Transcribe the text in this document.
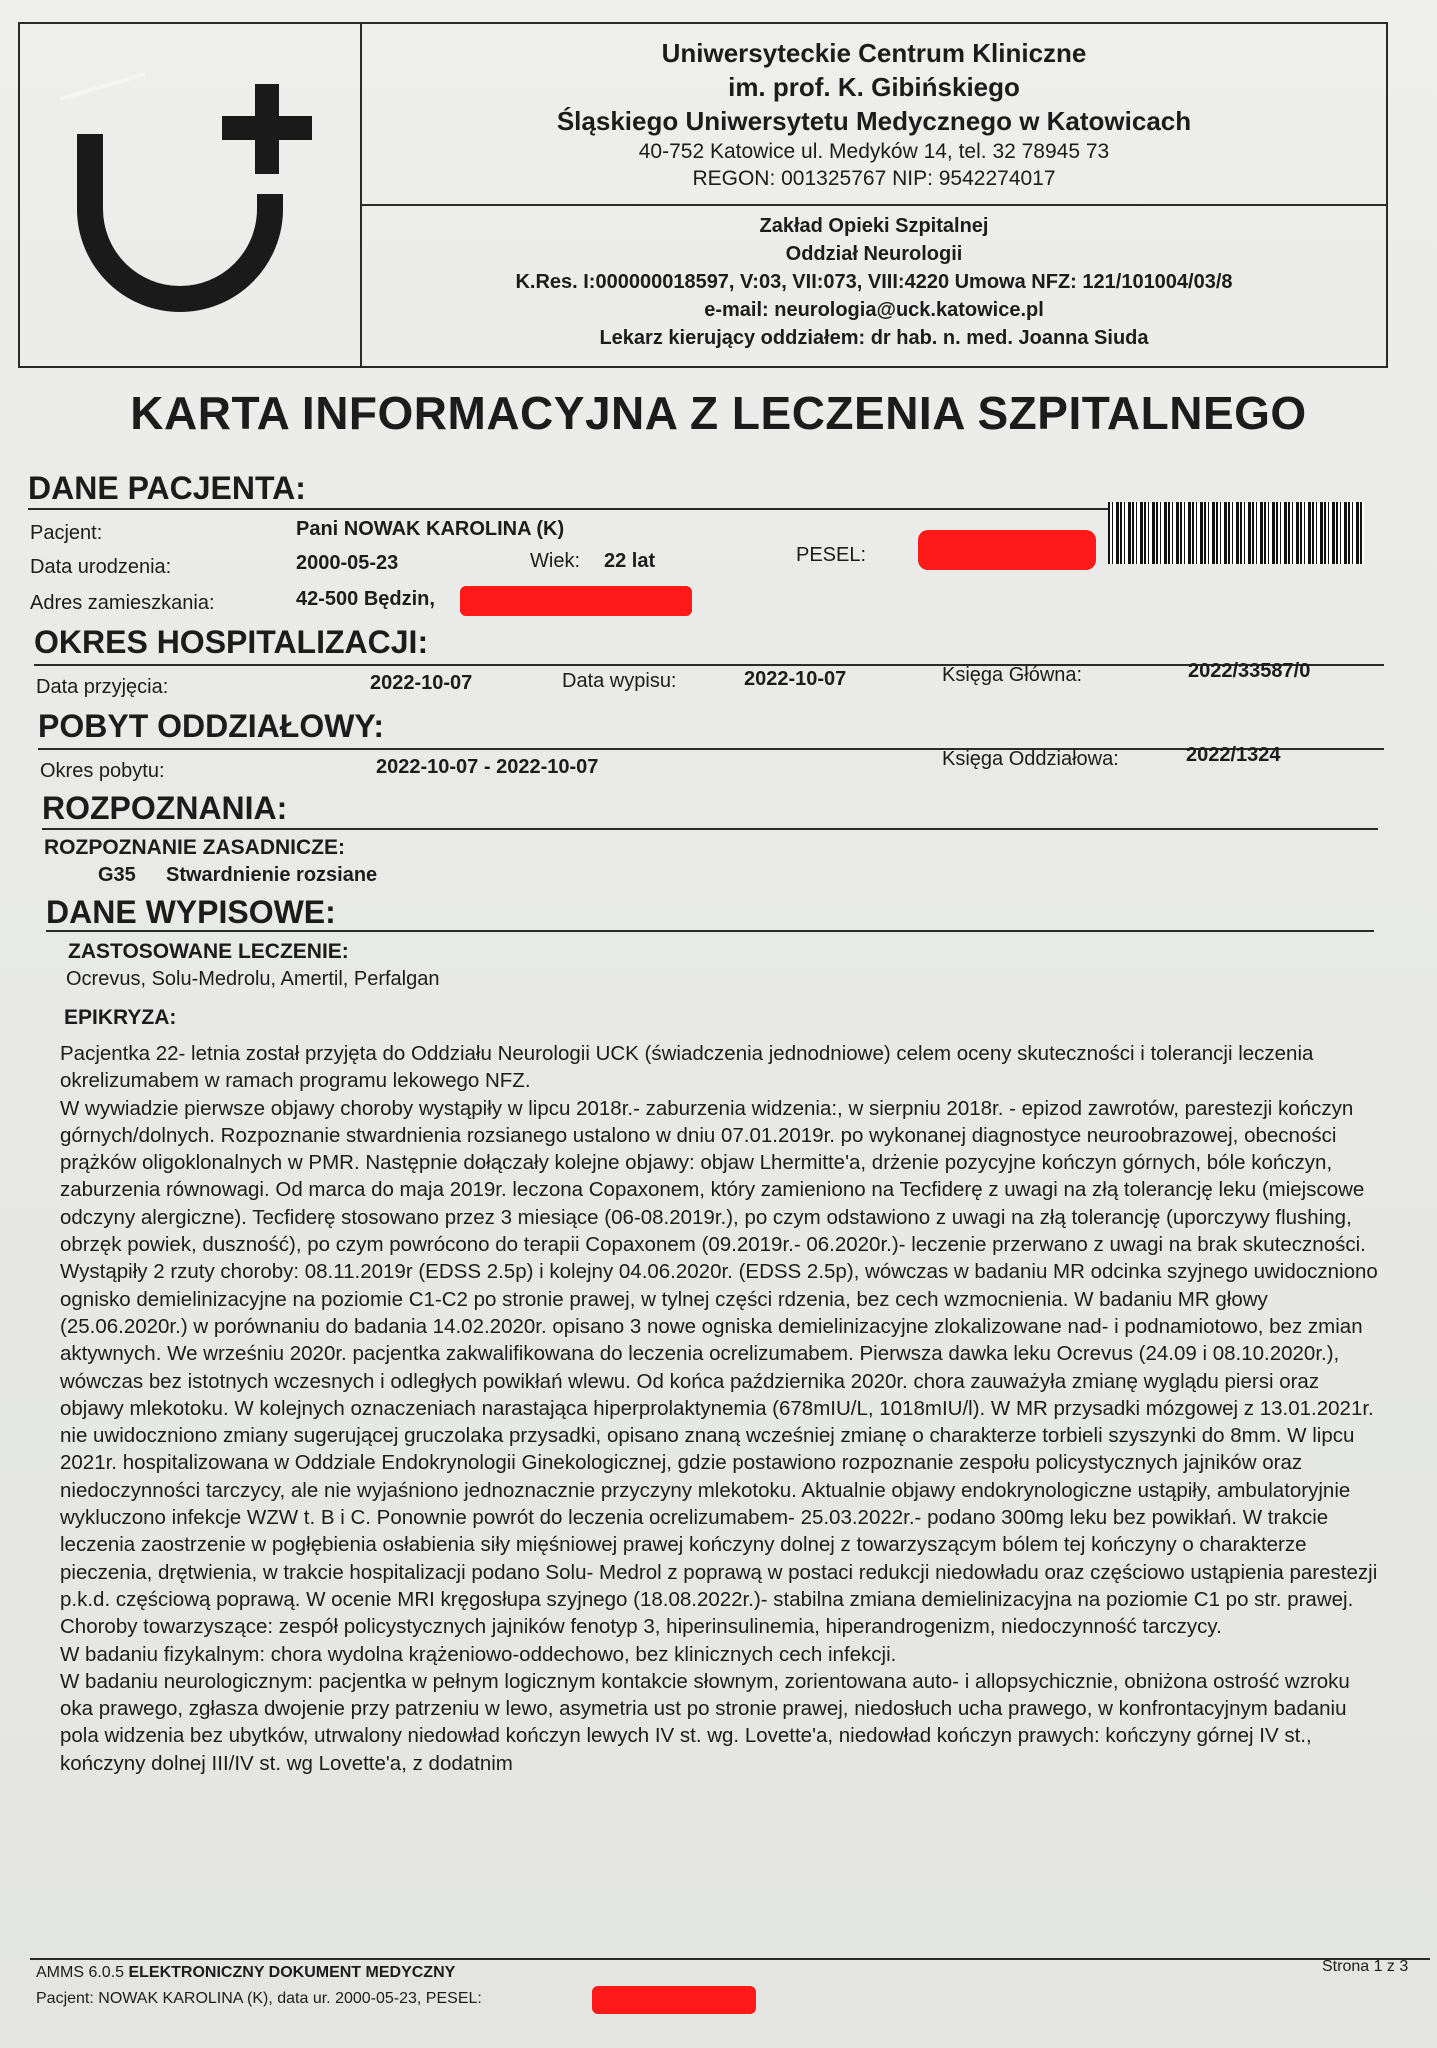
Uniwersyteckie Centrum Kliniczne
im. prof. K. Gibińskiego
Śląskiego Uniwersytetu Medycznego w Katowicach
40-752 Katowice ul. Medyków 14, tel. 32 78945 73
REGON: 001325767 NIP: 9542274017
Zakład Opieki Szpitalnej
Oddział Neurologii
K.Res. I:000000018597, V:03, VII:073, VIII:4220 Umowa NFZ: 121/101004/03/8
e-mail: neurologia@uck.katowice.pl
Lekarz kierujący oddziałem: dr hab. n. med. Joanna Siuda
KARTA INFORMACYJNA Z LECZENIA SZPITALNEGO
DANE PACJENTA:
Pacjent:	Pani NOWAK KAROLINA (K)
Data urodzenia:	2000-05-23	Wiek: 22 lat	PESEL:
Adres zamieszkania:	42-500 Będzin,
OKRES HOSPITALIZACJI:
Data przyjęcia:	2022-10-07	Data wypisu:	2022-10-07	Księga Główna:	2022/33587/0
POBYT ODDZIAŁOWY:
Okres pobytu:	2022-10-07 - 2022-10-07	Księga Oddziałowa:	2022/1324
ROZPOZNANIA:
ROZPOZNANIE ZASADNICZE:
G35 Stwardnienie rozsiane
DANE WYPISOWE:
ZASTOSOWANE LECZENIE:
Ocrevus, Solu-Medrolu, Amertil, Perfalgan
EPIKRYZA:

Pacjentka 22- letnia został przyjęta do Oddziału Neurologii UCK (świadczenia jednodniowe) celem oceny skuteczności i tolerancji leczenia okrelizumabem w ramach programu lekowego NFZ.

W wywiadzie pierwsze objawy choroby wystąpiły w lipcu 2018r.- zaburzenia widzenia:, w sierpniu 2018r. - epizod zawrotów, parestezji kończyn górnych/dolnych. Rozpoznanie stwardnienia rozsianego ustalono w dniu 07.01.2019r. po wykonanej diagnostyce neuroobrazowej, obecności prążków oligoklonalnych w PMR. Następnie dołączały kolejne objawy: objaw Lhermitte'a, drżenie pozycyjne kończyn górnych, bóle kończyn, zaburzenia równowagi. Od marca do maja 2019r. leczona Copaxonem, który zamieniono na Tecfiderę z uwagi na złą tolerancję leku (miejscowe odczyny alergiczne). Tecfiderę stosowano przez 3 miesiące (06-08.2019r.), po czym odstawiono z uwagi na złą tolerancję (uporczywy flushing, obrzęk powiek, duszność), po czym powrócono do terapii Copaxonem (09.2019r.- 06.2020r.)- leczenie przerwano z uwagi na brak skuteczności. Wystąpiły 2 rzuty choroby: 08.11.2019r (EDSS 2.5p) i kolejny 04.06.2020r. (EDSS 2.5p), wówczas w badaniu MR odcinka szyjnego uwidoczniono ognisko demielinizacyjne na poziomie C1-C2 po stronie prawej, w tylnej części rdzenia, bez cech wzmocnienia. W badaniu MR głowy (25.06.2020r.) w porównaniu do badania 14.02.2020r. opisano 3 nowe ogniska demielinizacyjne zlokalizowane nad- i podnamiotowo, bez zmian aktywnych. We wrześniu 2020r. pacjentka zakwalifikowana do leczenia ocrelizumabem. Pierwsza dawka leku Ocrevus (24.09 i 08.10.2020r.), wówczas bez istotnych wczesnych i odległych powikłań wlewu. Od końca października 2020r. chora zauważyła zmianę wyglądu piersi oraz objawy mlekotoku. W kolejnych oznaczeniach narastająca hiperprolaktynemia (678mIU/L, 1018mIU/l). W MR przysadki mózgowej z 13.01.2021r. nie uwidoczniono zmiany sugerującej gruczolaka przysadki, opisano znaną wcześniej zmianę o charakterze torbieli szyszynki do 8mm. W lipcu 2021r. hospitalizowana w Oddziale Endokrynologii Ginekologicznej, gdzie postawiono rozpoznanie zespołu policystycznych jajników oraz niedoczynności tarczycy, ale nie wyjaśniono jednoznacznie przyczyny mlekotoku. Aktualnie objawy endokrynologiczne ustąpiły, ambulatoryjnie wykluczono infekcje WZW t. B i C. Ponownie powrót do leczenia ocrelizumabem- 25.03.2022r.- podano 300mg leku bez powikłań. W trakcie leczenia zaostrzenie w pogłębienia osłabienia siły mięśniowej prawej kończyny dolnej z towarzyszącym bólem tej kończyny o charakterze pieczenia, drętwienia, w trakcie hospitalizacji podano Solu- Medrol z poprawą w postaci redukcji niedowładu oraz częściowo ustąpienia parestezji p.k.d. częściową poprawą. W ocenie MRI kręgosłupa szyjnego (18.08.2022r.)- stabilna zmiana demielinizacyjna na poziomie C1 po str. prawej.

Choroby towarzyszące: zespół policystycznych jajników fenotyp 3, hiperinsulinemia, hiperandrogenizm, niedoczynność tarczycy.

W badaniu fizykalnym: chora wydolna krążeniowo-oddechowo, bez klinicznych cech infekcji.

W badaniu neurologicznym: pacjentka w pełnym logicznym kontakcie słownym, zorientowana auto- i allopsychicznie, obniżona ostrość wzroku oka prawego, zgłasza dwojenie przy patrzeniu w lewo, asymetria ust po stronie prawej, niedosłuch ucha prawego, w konfrontacyjnym badaniu pola widzenia bez ubytków, utrwalony niedowład kończyn lewych IV st. wg. Lovette'a, niedowład kończyn prawych: kończyny górnej IV st., kończyny dolnej III/IV st. wg Lovette'a, z dodatnim

AMMS 6.0.5 ELEKTRONICZNY DOKUMENT MEDYCZNY
Pacjent: NOWAK KAROLINA (K), data ur. 2000-05-23, PESEL:
Strona 1 z 3
